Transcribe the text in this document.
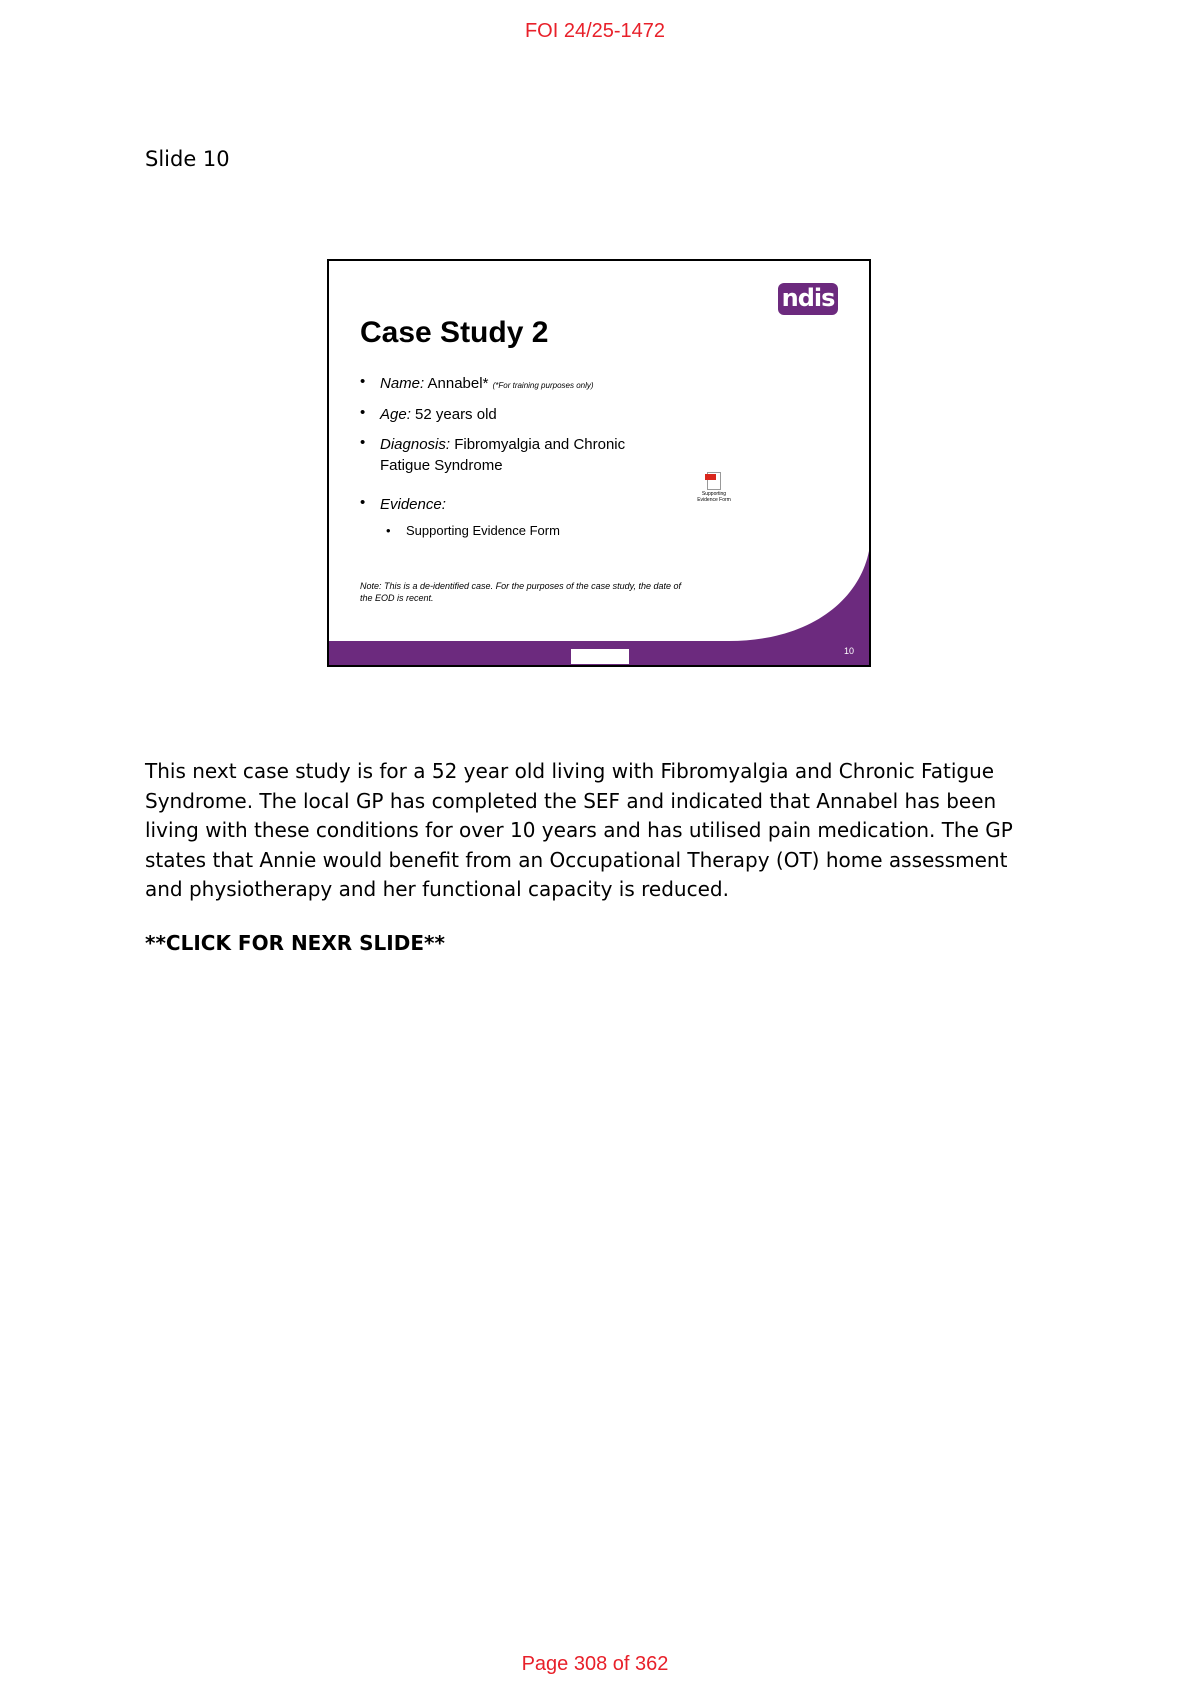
FOI 24/25-1472
Slide 10
ndis
Case Study 2
• Name: Annabel* (*For training purposes only)
• Age: 52 years old
• Diagnosis: Fibromyalgia and Chronic Fatigue Syndrome
• Evidence:
• Supporting Evidence Form
Supporting Evidence Form
Note: This is a de-identified case. For the purposes of the case study, the date of the EOD is recent.
10
This next case study is for a 52 year old living with Fibromyalgia and Chronic Fatigue Syndrome. The local GP has completed the SEF and indicated that Annabel has been living with these conditions for over 10 years and has utilised pain medication. The GP states that Annie would benefit from an Occupational Therapy (OT) home assessment and physiotherapy and her functional capacity is reduced.
**CLICK FOR NEXR SLIDE**
Page 308 of 362
